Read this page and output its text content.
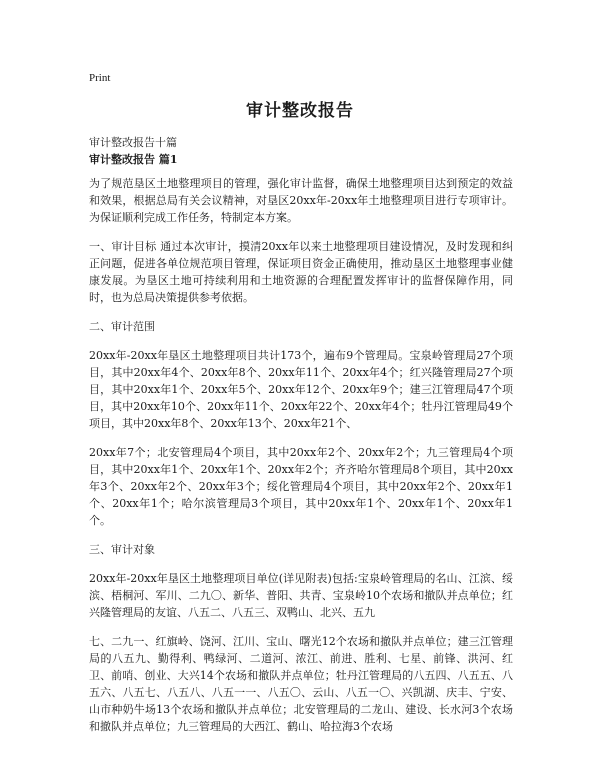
Print
审计整改报告

审计整改报告十篇

审计整改报告 篇1

为了规范垦区土地整理项目的管理，强化审计监督，确保土地整理项目达到预定的效益和效果，根据总局有关会议精神，对垦区20xx年-20xx年土地整理项目进行专项审计。为保证顺利完成工作任务，特制定本方案。

一、审计目标 通过本次审计，摸清20xx年以来土地整理项目建设情况，及时发现和纠正问题，促进各单位规范项目管理，保证项目资金正确使用，推动垦区土地整理事业健康发展。为垦区土地可持续利用和土地资源的合理配置发挥审计的监督保障作用，同时，也为总局决策提供参考依据。

二、审计范围

20xx年-20xx年垦区土地整理项目共计173个，遍布9个管理局。宝泉岭管理局27个项目，其中20xx年4个、20xx年8个、20xx年11个、20xx年4个；红兴隆管理局27个项目，其中20xx年1个、20xx年5个、20xx年12个、20xx年9个；建三江管理局47个项目，其中20xx年10个、20xx年11个、20xx年22个、20xx年4个；牡丹江管理局49个项目，其中20xx年8个、20xx年13个、20xx年21个、

20xx年7个；北安管理局4个项目，其中20xx年2个、20xx年2个；九三管理局4个项目，其中20xx年1个、20xx年1个、20xx年2个；齐齐哈尔管理局8个项目，其中20xx年3个、20xx年2个、20xx年3个；绥化管理局4个项目，其中20xx年2个、20xx年1个、20xx年1个；哈尔滨管理局3个项目，其中20xx年1个、20xx年1个、20xx年1个。

三、审计对象

20xx年-20xx年垦区土地整理项目单位(详见附表)包括:宝泉岭管理局的名山、江滨、绥滨、梧桐河、军川、二九〇、新华、普阳、共青、宝泉岭10个农场和撤队并点单位；红兴隆管理局的友谊、八五二、八五三、双鸭山、北兴、五九

七、二九一、红旗岭、饶河、江川、宝山、曙光12个农场和撤队并点单位；建三江管理局的八五九、勤得利、鸭绿河、二道河、浓江、前进、胜利、七星、前锋、洪河、红卫、前哨、创业、大兴14个农场和撤队并点单位；牡丹江管理局的八五四、八五五、八五六、八五七、八五八、八五一一、八五〇、云山、八五一〇、兴凯湖、庆丰、宁安、山市种奶牛场13个农场和撤队并点单位；北安管理局的二龙山、建设、长水河3个农场和撤队并点单位；九三管理局的大西江、鹤山、哈拉海3个农场
